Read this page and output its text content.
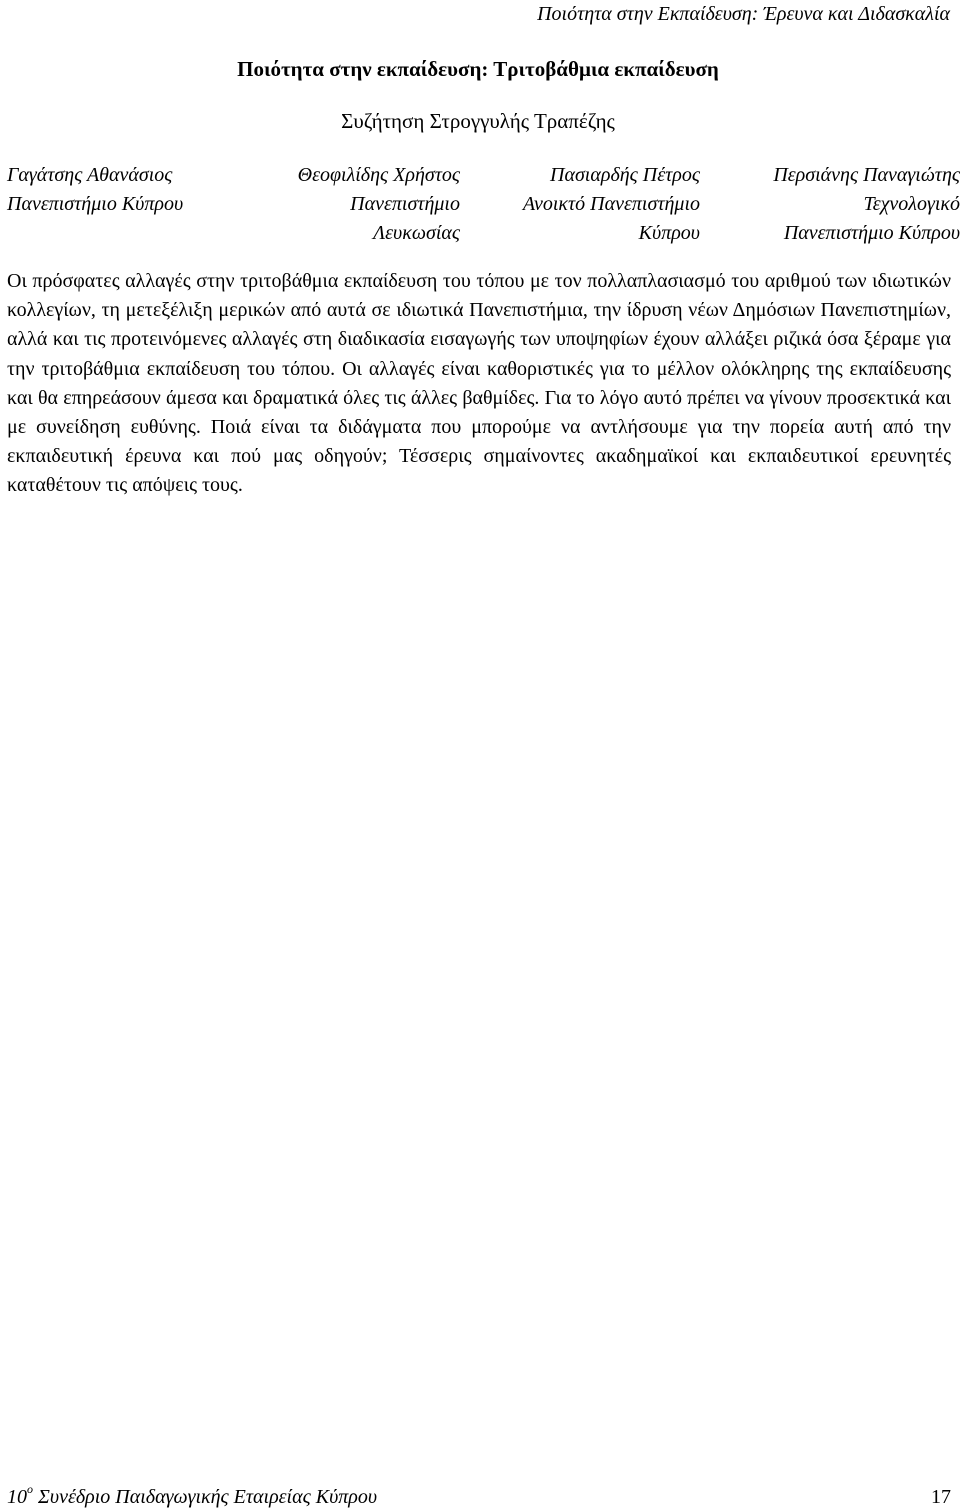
Ποιότητα στην Εκπαίδευση: Έρευνα και Διδασκαλία
Ποιότητα στην εκπαίδευση: Τριτοβάθμια εκπαίδευση
Συζήτηση Στρογγυλής Τραπέζης
Γαγάτσης Αθανάσιος
Πανεπιστήμιο Κύπρου
Θεοφιλίδης Χρήστος
Πανεπιστήμιο
Λευκωσίας
Πασιαρδής Πέτρος
Ανοικτό Πανεπιστήμιο
Κύπρου
Περσιάνης Παναγιώτης
Τεχνολογικό
Πανεπιστήμιο Κύπρου

Οι πρόσφατες αλλαγές στην τριτοβάθμια εκπαίδευση του τόπου με τον πολλαπλασιασμό του αριθμού των ιδιωτικών κολλεγίων, τη μετεξέλιξη μερικών από αυτά σε ιδιωτικά Πανεπιστήμια, την ίδρυση νέων Δημόσιων Πανεπιστημίων, αλλά και τις προτεινόμενες αλλαγές στη διαδικασία εισαγωγής των υποψηφίων έχουν αλλάξει ριζικά όσα ξέραμε για την τριτοβάθμια εκπαίδευση του τόπου. Οι αλλαγές είναι καθοριστικές για το μέλλον ολόκληρης της εκπαίδευσης και θα επηρεάσουν άμεσα και δραματικά όλες τις άλλες βαθμίδες. Για το λόγο αυτό πρέπει να γίνουν προσεκτικά και με συνείδηση ευθύνης. Ποιά είναι τα διδάγματα που μπορούμε να αντλήσουμε για την πορεία αυτή από την εκπαιδευτική έρευνα και πού μας οδηγούν; Τέσσερις σημαίνοντες ακαδημαϊκοί και εκπαιδευτικοί ερευνητές καταθέτουν τις απόψεις τους.

$10^o$ Συνέδριο Παιδαγωγικής Εταιρείας Κύπρου	17
